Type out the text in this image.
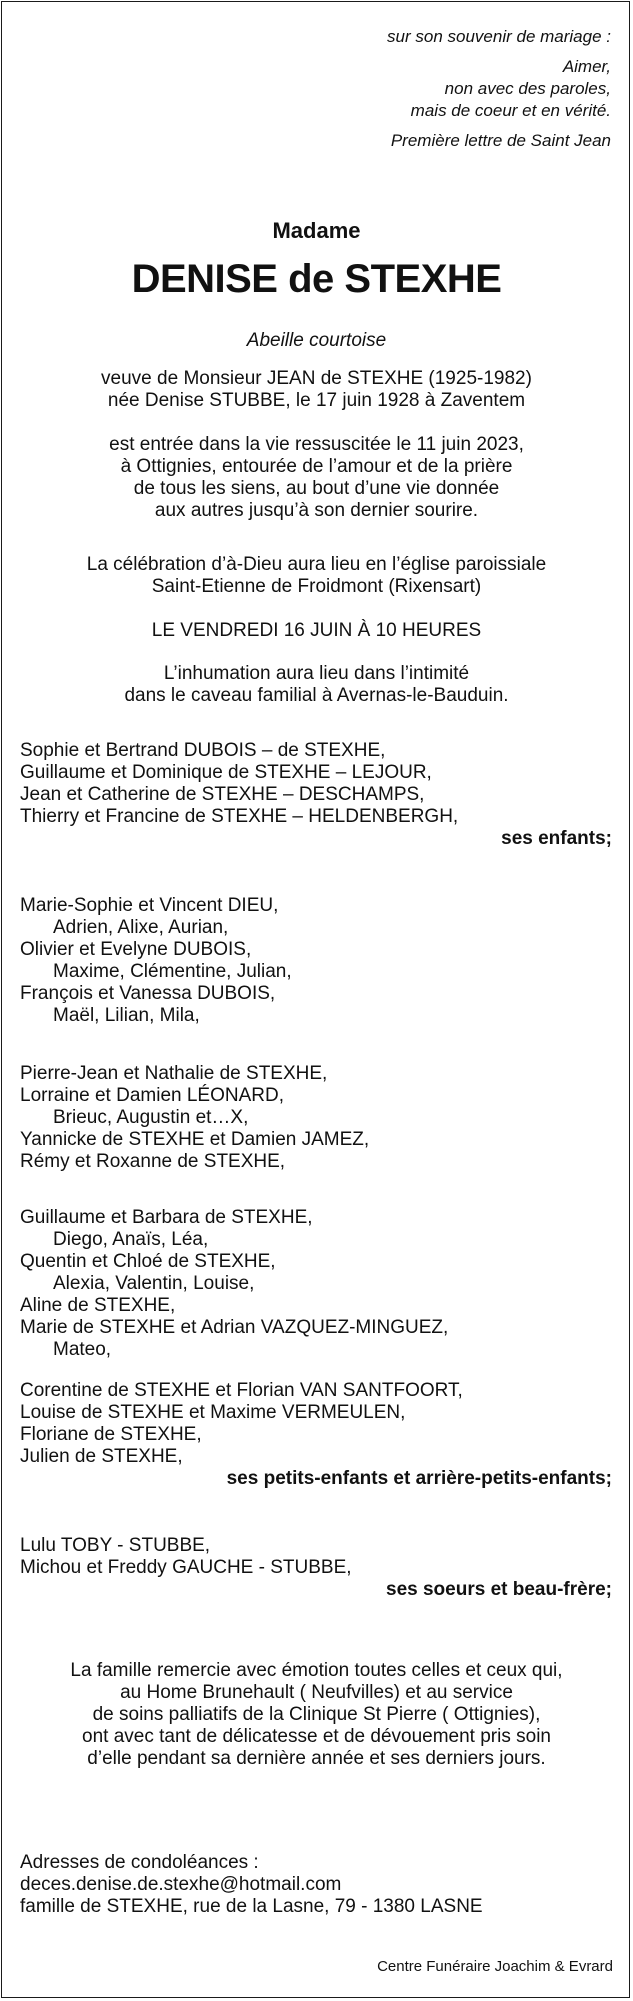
sur son souvenir de mariage :
Aimer,
non avec des paroles,
mais de coeur et en vérité.
Première lettre de Saint Jean
Madame
DENISE de STEXHE
Abeille courtoise
veuve de Monsieur JEAN de STEXHE (1925-1982)
née Denise STUBBE, le 17 juin 1928 à Zaventem
est entrée dans la vie ressuscitée le 11 juin 2023,
à Ottignies, entourée de l’amour et de la prière
de tous les siens, au bout d’une vie donnée
aux autres jusqu’à son dernier sourire.
La célébration d’à-Dieu aura lieu en l’église paroissiale
Saint-Etienne de Froidmont (Rixensart)
LE VENDREDI 16 JUIN À 10 HEURES
L’inhumation aura lieu dans l’intimité
dans le caveau familial à Avernas-le-Bauduin.
Sophie et Bertrand DUBOIS – de STEXHE,
Guillaume et Dominique de STEXHE – LEJOUR,
Jean et Catherine de STEXHE – DESCHAMPS,
Thierry et Francine de STEXHE – HELDENBERGH,
ses enfants;
Marie-Sophie et Vincent DIEU,
Adrien, Alixe, Aurian,
Olivier et Evelyne DUBOIS,
Maxime, Clémentine, Julian,
François et Vanessa DUBOIS,
Maël, Lilian, Mila,
Pierre-Jean et Nathalie de STEXHE,
Lorraine et Damien LÉONARD,
Brieuc, Augustin et…X,
Yannicke de STEXHE et Damien JAMEZ,
Rémy et Roxanne de STEXHE,
Guillaume et Barbara de STEXHE,
Diego, Anaïs, Léa,
Quentin et Chloé de STEXHE,
Alexia, Valentin, Louise,
Aline de STEXHE,
Marie de STEXHE et Adrian VAZQUEZ-MINGUEZ,
Mateo,
Corentine de STEXHE et Florian VAN SANTFOORT,
Louise de STEXHE et Maxime VERMEULEN,
Floriane de STEXHE,
Julien de STEXHE,
ses petits-enfants et arrière-petits-enfants;
Lulu TOBY - STUBBE,
Michou et Freddy GAUCHE - STUBBE,
ses soeurs et beau-frère;
La famille remercie avec émotion toutes celles et ceux qui,
au Home Brunehault ( Neufvilles) et au service
de soins palliatifs de la Clinique St Pierre ( Ottignies),
ont avec tant de délicatesse et de dévouement pris soin
d’elle pendant sa dernière année et ses derniers jours.
Adresses de condoléances :
deces.denise.de.stexhe@hotmail.com
famille de STEXHE, rue de la Lasne, 79 - 1380 LASNE
Centre Funéraire Joachim & Evrard
